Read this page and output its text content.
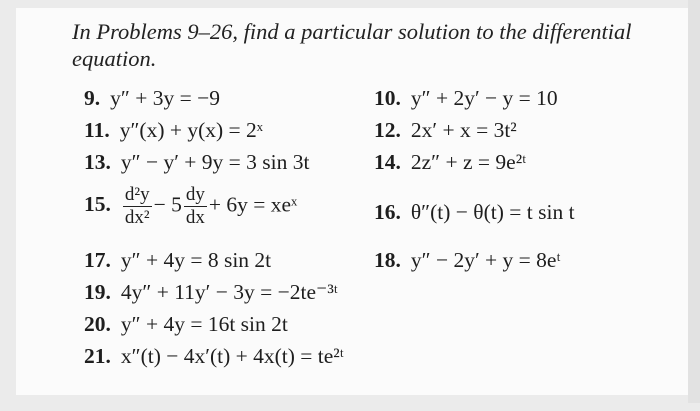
In Problems 9–26, find a particular solution to the differential
equation.
9. y″ + 3y = −9	10. y″ + 2y′ − y = 10
11. y″(x) + y(x) = 2ˣ	12. 2x′ + x = 3t²
13. y″ − y′ + 9y = 3 sin 3t	14. 2z″ + z = 9e²ᵗ
15. $\frac{\text{d²y}}{\text{dx²}} - 5 \frac{dy}{dx} + 6y$ = xeˣ	16. θ″(t) − θ(t) = t sin t
17. y″ + 4y = 8 sin 2t	18. y″ − 2y′ + y = 8eᵗ
19. 4y″ + 11y′ − 3y = −2te⁻³ᵗ
20. y″ + 4y = 16t sin 2t
21. x″(t) − 4x′(t) + 4x(t) = te²ᵗ
